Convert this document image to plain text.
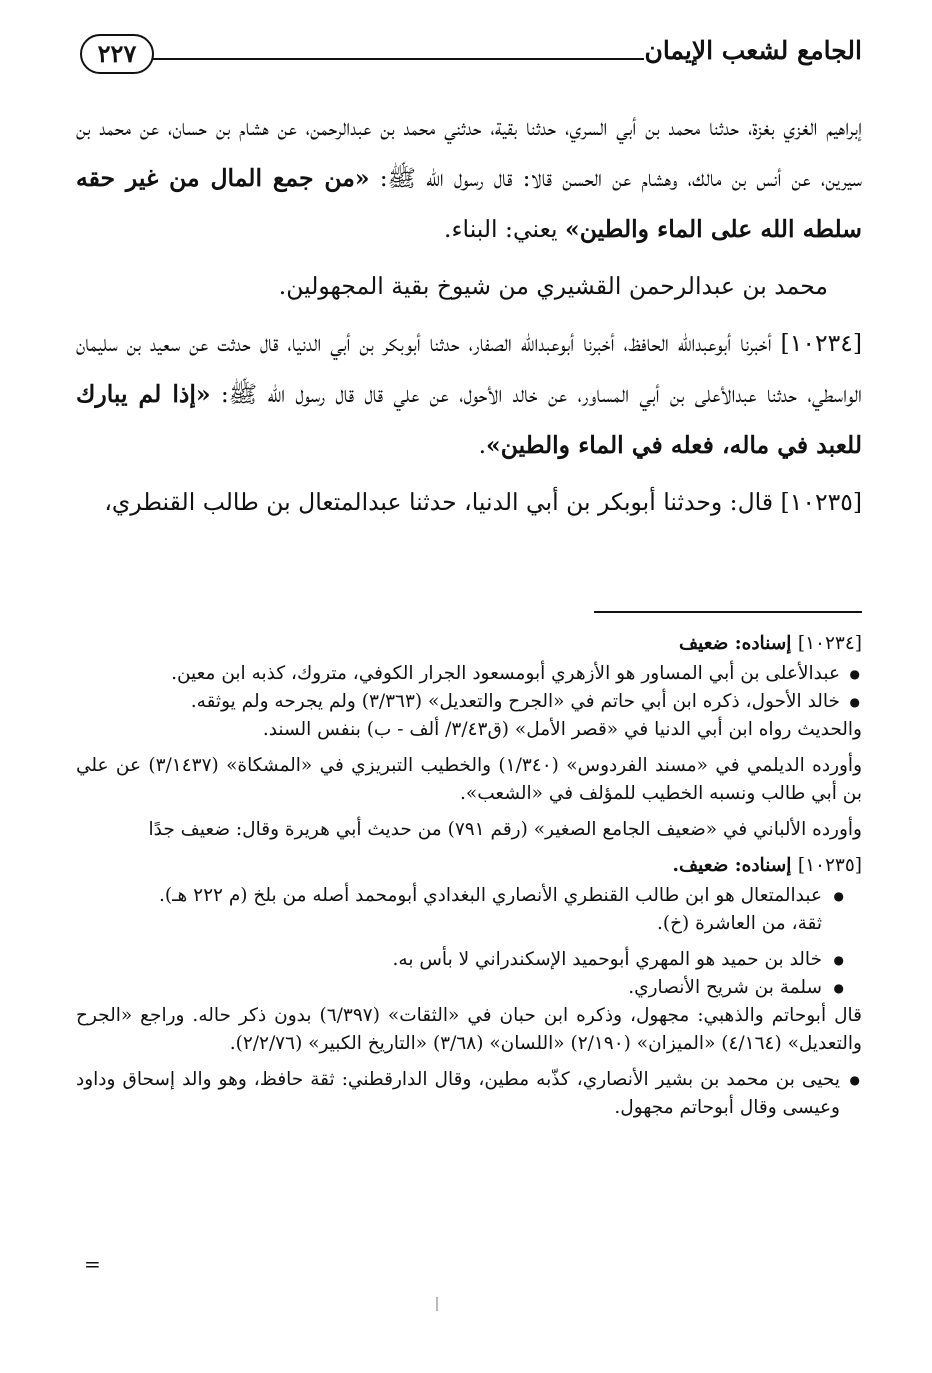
الجامع لشعب الإيمان
٢٢٧

إبراهيم الغزي بغزة، حدثنا محمد بن أبي السري، حدثنا بقية، حدثني محمد بن عبدالرحمن، عن هشام بن حسان، عن محمد بن سيرين، عن أنس بن مالك، وهشام عن الحسن قالا: قال رسول الله ﷺ: «من جمع المال من غير حقه سلطه الله على الماء والطين» يعني: البناء.

محمد بن عبدالرحمن القشيري من شيوخ بقية المجهولين.

[١٠٢٣٤] أخبرنا أبوعبدالله الحافظ، أخبرنا أبوعبدالله الصفار، حدثنا أبوبكر بن أبي الدنيا، قال حدثت عن سعيد بن سليمان الواسطي، حدثنا عبدالأعلى بن أبي المساور، عن خالد الأحول، عن علي قال قال رسول الله ﷺ: «إذا لم يبارك للعبد في ماله، فعله في الماء والطين».

[١٠٢٣٥] قال: وحدثنا أبوبكر بن أبي الدنيا، حدثنا عبدالمتعال بن طالب القنطري،

[١٠٢٣٤] إسناده: ضعيف
● عبدالأعلى بن أبي المساور هو الأزهري أبومسعود الجرار الكوفي، متروك، كذبه ابن معين.
● خالد الأحول، ذكره ابن أبي حاتم في «الجرح والتعديل» (٣/٣٦٣) ولم يجرحه ولم يوثقه.
والحديث رواه ابن أبي الدنيا في «قصر الأمل» (ق٣/٤٣/ ألف - ب) بنفس السند.
وأورده الديلمي في «مسند الفردوس» (١/٣٤٠) والخطيب التبريزي في «المشكاة» (٣/١٤٣٧) عن علي بن أبي طالب ونسبه الخطيب للمؤلف في «الشعب».
وأورده الألباني في «ضعيف الجامع الصغير» (رقم ٧٩١) من حديث أبي هريرة وقال: ضعيف جدًا
[١٠٢٣٥] إسناده: ضعيف.
● عبدالمتعال هو ابن طالب القنطري الأنصاري البغدادي أبومحمد أصله من بلخ (م ٢٢٢ هـ).
ثقة، من العاشرة (خ).
● خالد بن حميد هو المهري أبوحميد الإسكندراني لا بأس به.
● سلمة بن شريح الأنصاري.
قال أبوحاتم والذهبي: مجهول، وذكره ابن حبان في «الثقات» (٦/٣٩٧) بدون ذكر حاله. وراجع «الجرح والتعديل» (٤/١٦٤) «الميزان» (٢/١٩٠) «اللسان» (٣/٦٨) «التاريخ الكبير» (٢/٢/٧٦).
● يحيى بن محمد بن بشير الأنصاري، كذّبه مطين، وقال الدارقطني: ثقة حافظ، وهو والد إسحاق وداود وعيسى وقال أبوحاتم مجهول.
=
